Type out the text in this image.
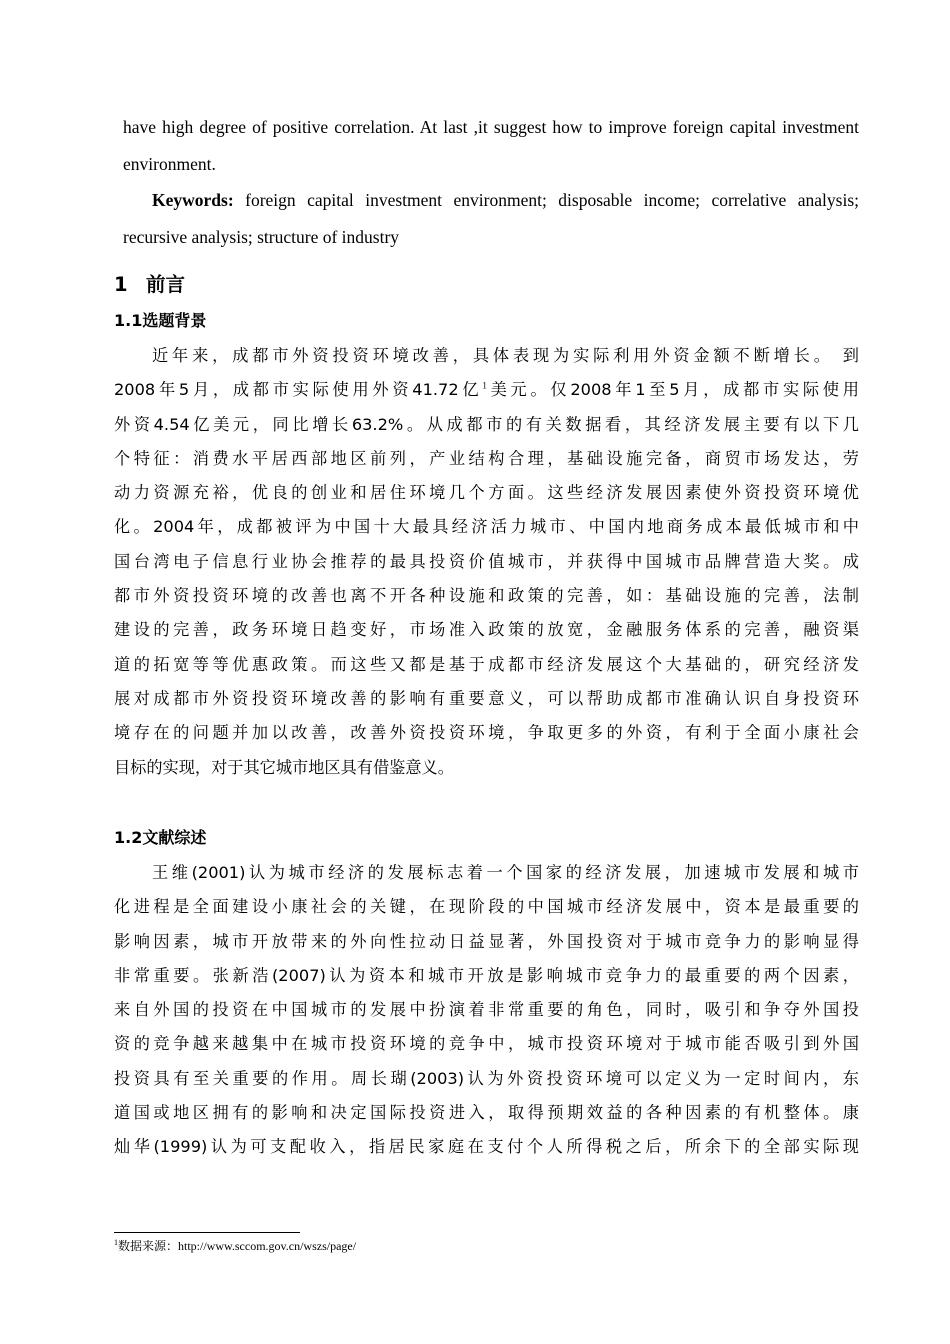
have high degree of positive correlation. At last ,it suggest how to improve foreign capital investment environment.

Keywords: foreign capital investment environment; disposable income; correlative analysis; recursive analysis; structure of industry

1 前言
1.1选题背景
近年来，成都市外资投资环境改善，具体表现为实际利用外资金额不断增长。 到
2008年5月，成都市实际使用外资41.72亿$^1$美元。仅2008年1至5月，成都市实际使用
外资4.54亿美元，同比增长63.2%。从成都市的有关数据看，其经济发展主要有以下几
个特征：消费水平居西部地区前列，产业结构合理，基础设施完备，商贸市场发达，劳
动力资源充裕，优良的创业和居住环境几个方面。这些经济发展因素使外资投资环境优
化。2004年，成都被评为中国十大最具经济活力城市、中国内地商务成本最低城市和中
国台湾电子信息行业协会推荐的最具投资价值城市，并获得中国城市品牌营造大奖。成
都市外资投资环境的改善也离不开各种设施和政策的完善，如：基础设施的完善，法制
建设的完善，政务环境日趋变好，市场准入政策的放宽，金融服务体系的完善，融资渠
道的拓宽等等优惠政策。而这些又都是基于成都市经济发展这个大基础的，研究经济发
展对成都市外资投资环境改善的影响有重要意义，可以帮助成都市准确认识自身投资环
境存在的问题并加以改善，改善外资投资环境，争取更多的外资，有利于全面小康社会
目标的实现，对于其它城市地区具有借鉴意义。
1.2文献综述
王维(2001)认为城市经济的发展标志着一个国家的经济发展，加速城市发展和城市
化进程是全面建设小康社会的关键，在现阶段的中国城市经济发展中，资本是最重要的
影响因素，城市开放带来的外向性拉动日益显著，外国投资对于城市竞争力的影响显得
非常重要。张新浩(2007)认为资本和城市开放是影响城市竞争力的最重要的两个因素，
来自外国的投资在中国城市的发展中扮演着非常重要的角色，同时，吸引和争夺外国投
资的竞争越来越集中在城市投资环境的竞争中，城市投资环境对于城市能否吸引到外国
投资具有至关重要的作用。周长瑚(2003)认为外资投资环境可以定义为一定时间内，东
道国或地区拥有的影响和决定国际投资进入，取得预期效益的各种因素的有机整体。康
灿华(1999)认为可支配收入，指居民家庭在支付个人所得税之后，所余下的全部实际现

$^1$数据来源：http://www.sccom.gov.cn/wszs/page/
